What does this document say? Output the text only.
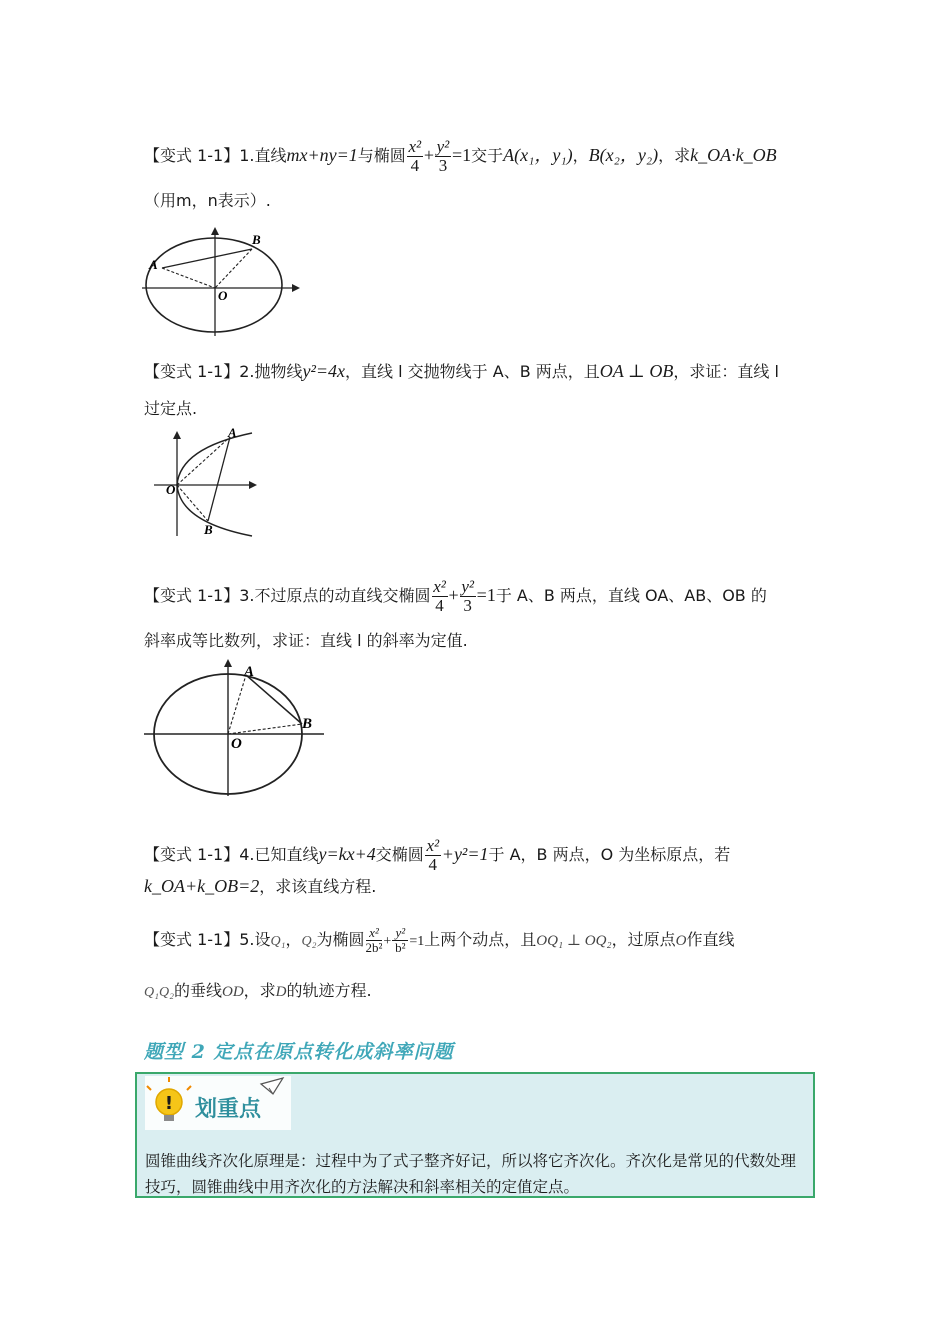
【变式 1-1】1.直线mx+ny=1与椭圆 $\frac{\text{x²}}{4} + \frac{\text{y²}}{3} =1$交于A(x₁，y₁)，B(x₂，y₂)，求k_OA·k_OB
（用m，n表示）.
A
B
O
【变式 1-1】2.抛物线y²=4x，直线 l 交抛物线于 A、B 两点，且OA ⊥ OB，求证：直线 l
过定点.
A
B
O
【变式 1-1】3.不过原点的动直线交椭圆 $\frac{\text{x²}}{4} + \frac{\text{y²}}{3} =1$于 A、B 两点，直线 OA、AB、OB 的
斜率成等比数列，求证：直线 l 的斜率为定值.
A
B
O
【变式 1-1】4.已知直线y=kx+4交椭圆 $\frac{\text{x²}}{4} +y^2=1$于 A，B 两点，O 为坐标原点，若
k_OA+k_OB=2，求该直线方程.
【变式 1-1】5.设Q₁，Q₂为椭圆 $\frac{\text{x²}}{\text{2b²}} + \frac{\text{y²}}{\text{b²}} =1$上两个动点，且OQ₁ ⊥ OQ₂，过原点O作直线
Q₁Q₂的垂线OD，求D的轨迹方程.
题型 2 定点在原点转化成斜率问题
! 划重点
圆锥曲线齐次化原理是：过程中为了式子整齐好记，所以将它齐次化。齐次化是常见的代数处理技巧，圆锥曲线中用齐次化的方法解决和斜率相关的定值定点。
